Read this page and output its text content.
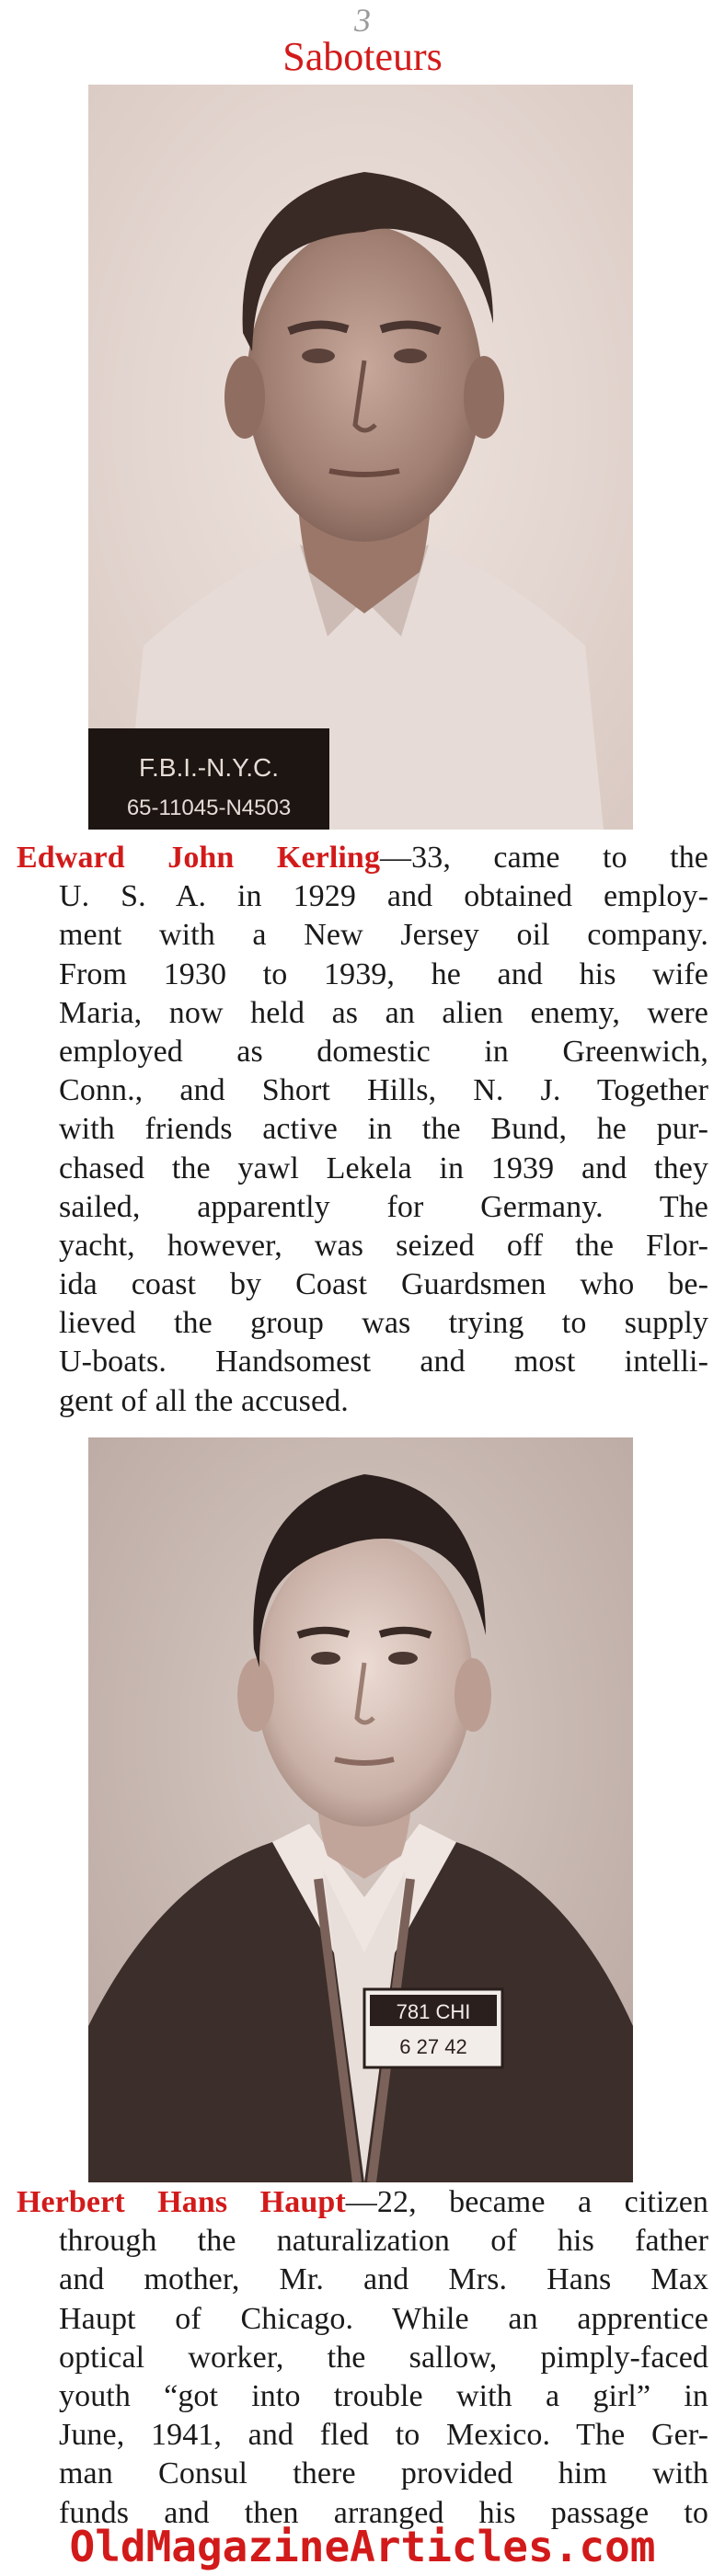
3
Saboteurs
F.B.I.-N.Y.C.
65-11045-N4503
Edward John Kerling—33, came to the
U. S. A. in 1929 and obtained employ-
ment with a New Jersey oil company.
From 1930 to 1939, he and his wife
Maria, now held as an alien enemy, were
employed as domestic in Greenwich,
Conn., and Short Hills, N. J. Together
with friends active in the Bund, he pur-
chased the yawl Lekela in 1939 and they
sailed, apparently for Germany. The
yacht, however, was seized off the Flor-
ida coast by Coast Guardsmen who be-
lieved the group was trying to supply
U-boats. Handsomest and most intelli-
gent of all the accused.
781 CHI
6 27 42
Herbert Hans Haupt—22, became a citizen
through the naturalization of his father
and mother, Mr. and Mrs. Hans Max
Haupt of Chicago. While an apprentice
optical worker, the sallow, pimply-faced
youth “got into trouble with a girl” in
June, 1941, and fled to Mexico. The Ger-
man Consul there provided him with
funds and then arranged his passage to
OldMagazineArticles.com
